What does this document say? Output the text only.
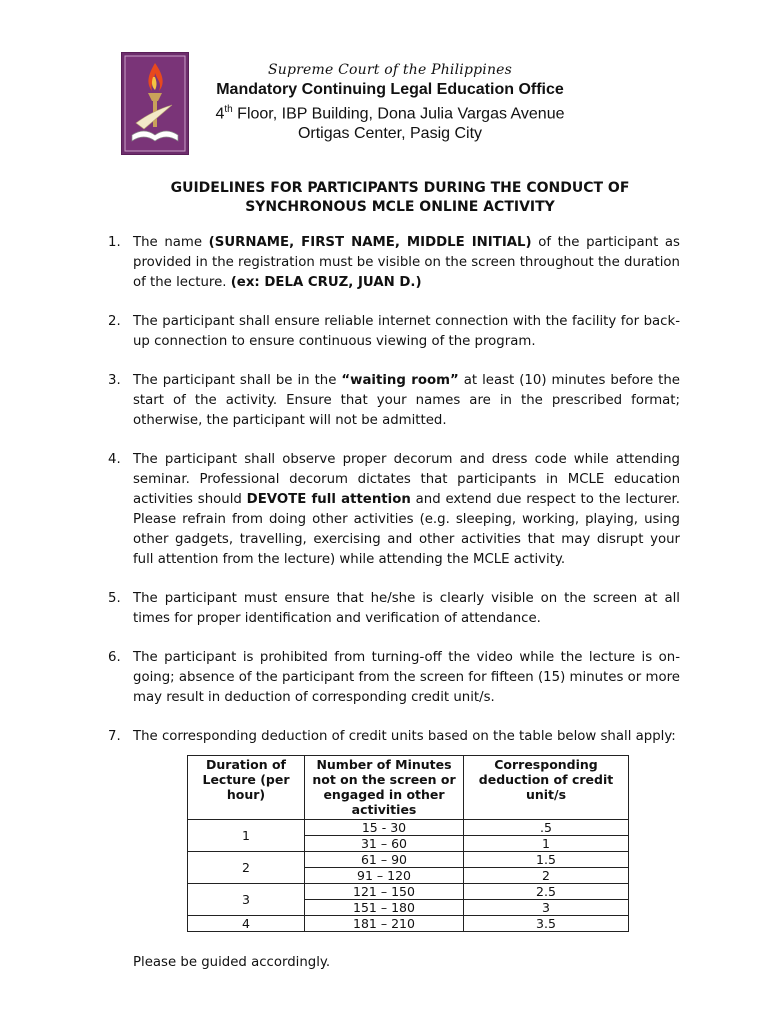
Supreme Court of the Philippines
Mandatory Continuing Legal Education Office
4th Floor, IBP Building, Dona Julia Vargas Avenue
Ortigas Center, Pasig City
GUIDELINES FOR PARTICIPANTS DURING THE CONDUCT OF
SYNCHRONOUS MCLE ONLINE ACTIVITY
1. The name (SURNAME, FIRST NAME, MIDDLE INITIAL) of the participant as provided in the registration must be visible on the screen throughout the duration of the lecture. (ex: DELA CRUZ, JUAN D.)
2. The participant shall ensure reliable internet connection with the facility for back-up connection to ensure continuous viewing of the program.
3. The participant shall be in the “waiting room” at least (10) minutes before the start of the activity. Ensure that your names are in the prescribed format; otherwise, the participant will not be admitted.
4. The participant shall observe proper decorum and dress code while attending seminar. Professional decorum dictates that participants in MCLE education activities should DEVOTE full attention and extend due respect to the lecturer. Please refrain from doing other activities (e.g. sleeping, working, playing, using other gadgets, travelling, exercising and other activities that may disrupt your full attention from the lecture) while attending the MCLE activity.
5. The participant must ensure that he/she is clearly visible on the screen at all times for proper identification and verification of attendance.
6. The participant is prohibited from turning-off the video while the lecture is on-going; absence of the participant from the screen for fifteen (15) minutes or more may result in deduction of corresponding credit unit/s.
7. The corresponding deduction of credit units based on the table below shall apply:
Duration of Lecture (per hour)	Number of Minutes not on the screen or engaged in other activities	Corresponding deduction of credit unit/s
1	15 - 30	.5
	31 – 60	1
2	61 – 90	1.5
	91 – 120	2
3	121 – 150	2.5
	151 – 180	3
4	181 – 210	3.5
Please be guided accordingly.
